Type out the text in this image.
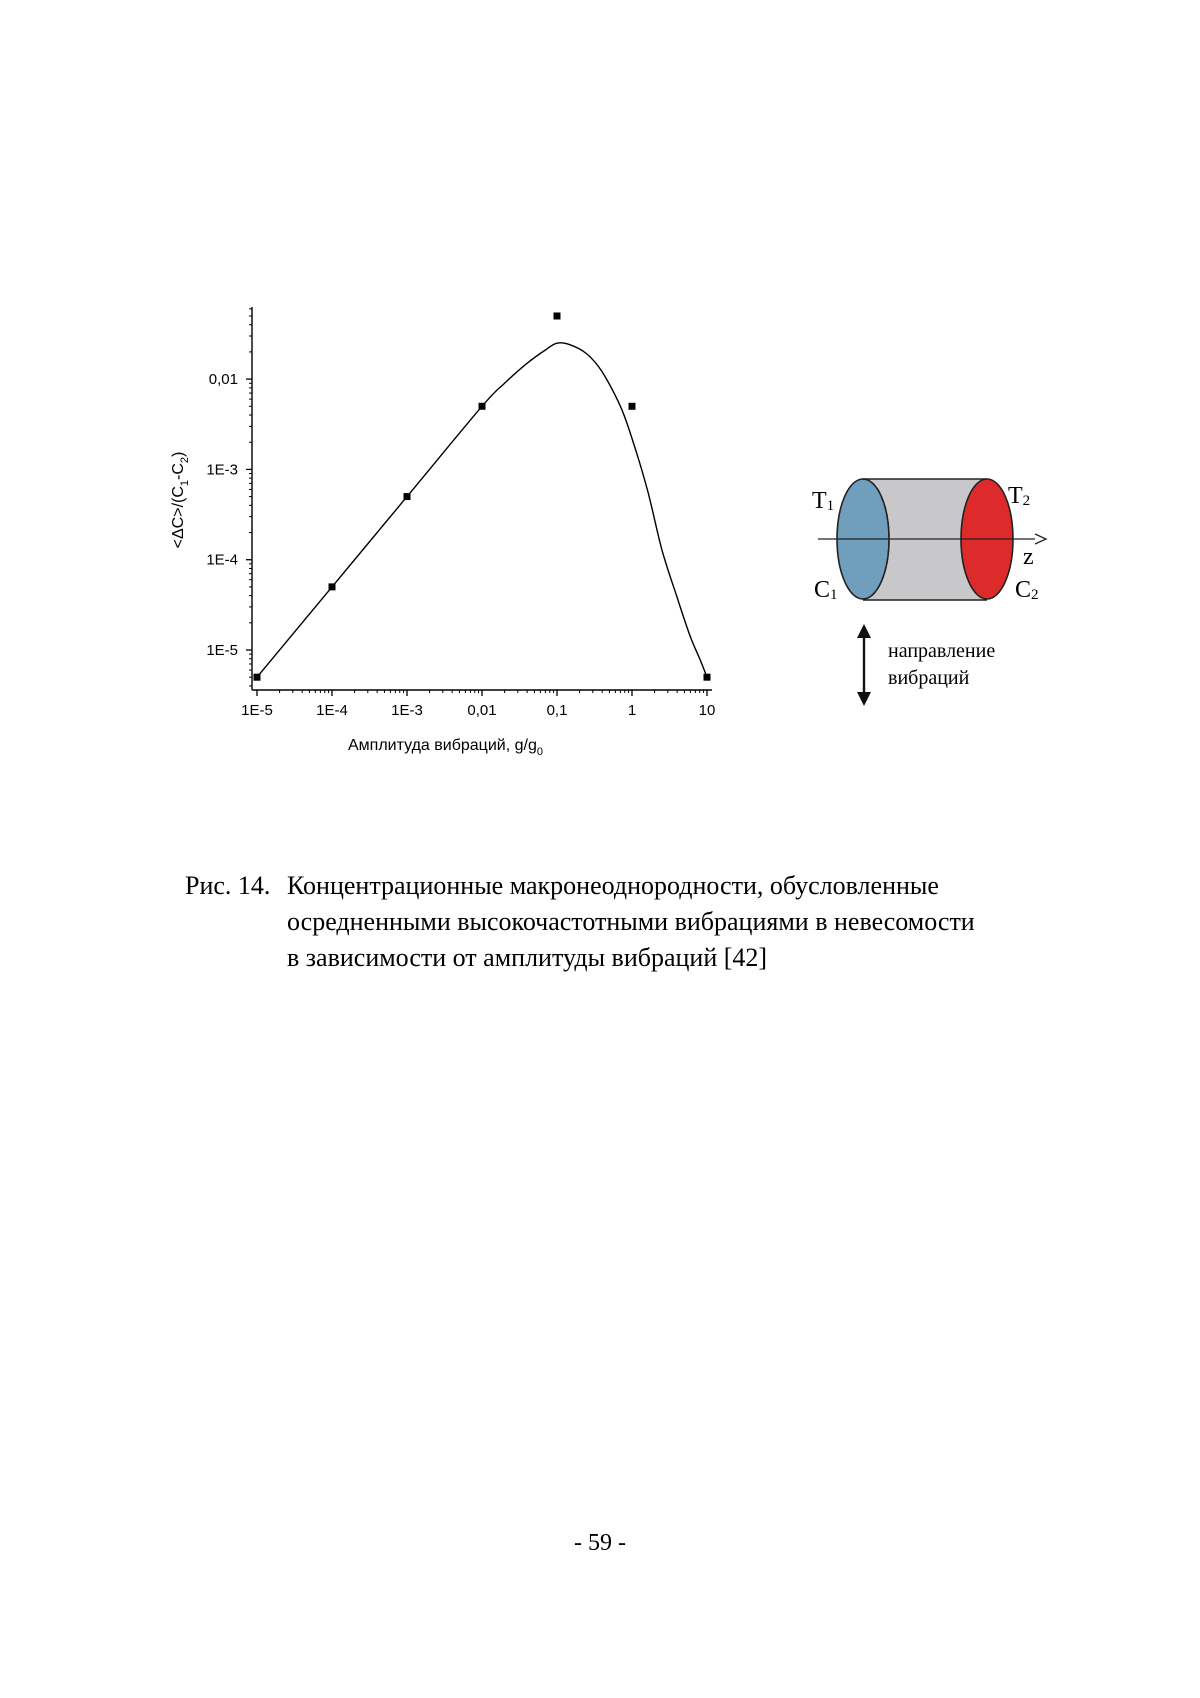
1E-5
1E-4
1E-3
0,01
1E-5	1E-4	1E-3	0,01	0,1	1	10
Амплитуда вибраций, $g/g_0$
$<\Delta C>/(C_1-C_2)$
T1	T2
C1	C2
z
направление
вибраций
Рис. 14. Концентрационные макронеоднородности, обусловленные
осредненными высокочастотными вибрациями в невесомости
в зависимости от амплитуды вибраций [42]
- 59 -
